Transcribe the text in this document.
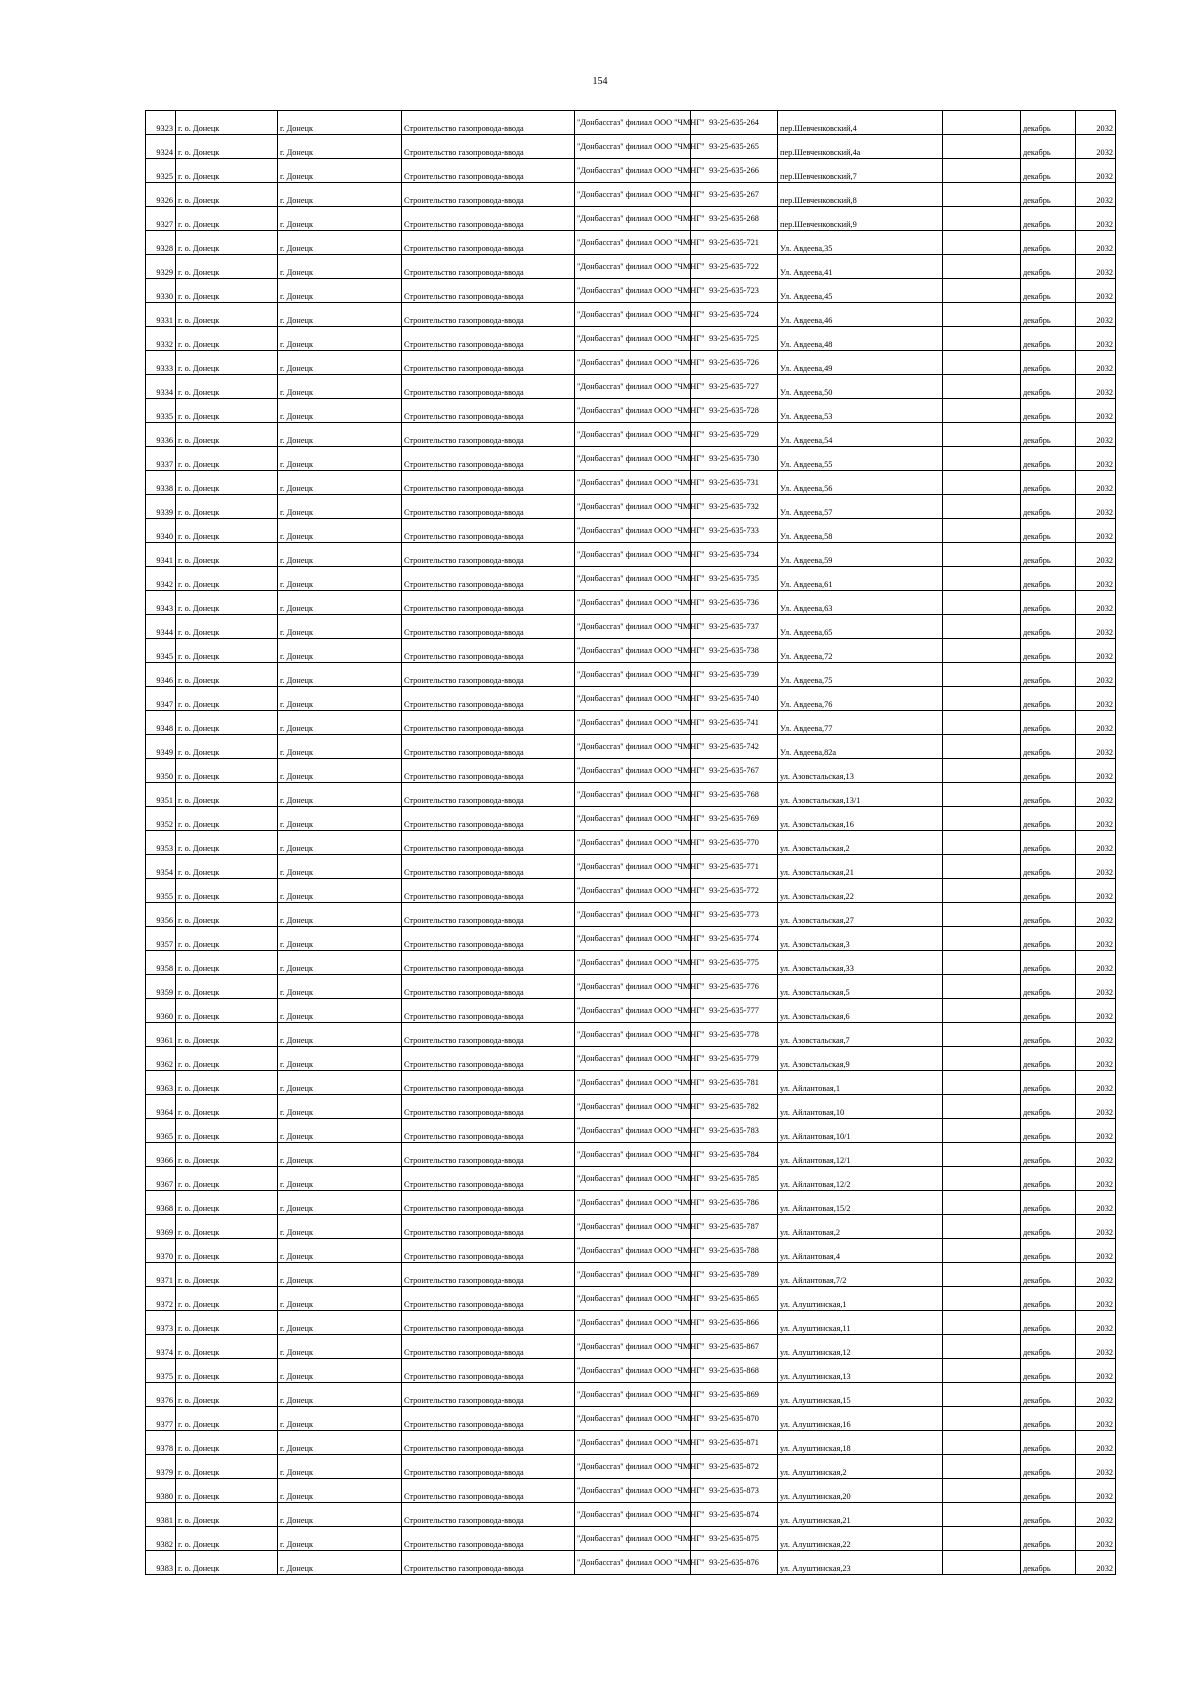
154
9323	г. о. Донецк	г. Донецк	Строительство газопровода-ввода	"Донбассгаз" филиал ООО "ЧМНГ"	93-25-635-264	пер.Шевченковский,4		декабрь	2032
9324	г. о. Донецк	г. Донецк	Строительство газопровода-ввода	"Донбассгаз" филиал ООО "ЧМНГ"	93-25-635-265	пер.Шевченковский,4а		декабрь	2032
9325	г. о. Донецк	г. Донецк	Строительство газопровода-ввода	"Донбассгаз" филиал ООО "ЧМНГ"	93-25-635-266	пер.Шевченковский,7		декабрь	2032
9326	г. о. Донецк	г. Донецк	Строительство газопровода-ввода	"Донбассгаз" филиал ООО "ЧМНГ"	93-25-635-267	пер.Шевченковский,8		декабрь	2032
9327	г. о. Донецк	г. Донецк	Строительство газопровода-ввода	"Донбассгаз" филиал ООО "ЧМНГ"	93-25-635-268	пер.Шевченковский,9		декабрь	2032
9328	г. о. Донецк	г. Донецк	Строительство газопровода-ввода	"Донбассгаз" филиал ООО "ЧМНГ"	93-25-635-721	Ул. Авдеева,35		декабрь	2032
9329	г. о. Донецк	г. Донецк	Строительство газопровода-ввода	"Донбассгаз" филиал ООО "ЧМНГ"	93-25-635-722	Ул. Авдеева,41		декабрь	2032
9330	г. о. Донецк	г. Донецк	Строительство газопровода-ввода	"Донбассгаз" филиал ООО "ЧМНГ"	93-25-635-723	Ул. Авдеева,45		декабрь	2032
9331	г. о. Донецк	г. Донецк	Строительство газопровода-ввода	"Донбассгаз" филиал ООО "ЧМНГ"	93-25-635-724	Ул. Авдеева,46		декабрь	2032
9332	г. о. Донецк	г. Донецк	Строительство газопровода-ввода	"Донбассгаз" филиал ООО "ЧМНГ"	93-25-635-725	Ул. Авдеева,48		декабрь	2032
9333	г. о. Донецк	г. Донецк	Строительство газопровода-ввода	"Донбассгаз" филиал ООО "ЧМНГ"	93-25-635-726	Ул. Авдеева,49		декабрь	2032
9334	г. о. Донецк	г. Донецк	Строительство газопровода-ввода	"Донбассгаз" филиал ООО "ЧМНГ"	93-25-635-727	Ул. Авдеева,50		декабрь	2032
9335	г. о. Донецк	г. Донецк	Строительство газопровода-ввода	"Донбассгаз" филиал ООО "ЧМНГ"	93-25-635-728	Ул. Авдеева,53		декабрь	2032
9336	г. о. Донецк	г. Донецк	Строительство газопровода-ввода	"Донбассгаз" филиал ООО "ЧМНГ"	93-25-635-729	Ул. Авдеева,54		декабрь	2032
9337	г. о. Донецк	г. Донецк	Строительство газопровода-ввода	"Донбассгаз" филиал ООО "ЧМНГ"	93-25-635-730	Ул. Авдеева,55		декабрь	2032
9338	г. о. Донецк	г. Донецк	Строительство газопровода-ввода	"Донбассгаз" филиал ООО "ЧМНГ"	93-25-635-731	Ул. Авдеева,56		декабрь	2032
9339	г. о. Донецк	г. Донецк	Строительство газопровода-ввода	"Донбассгаз" филиал ООО "ЧМНГ"	93-25-635-732	Ул. Авдеева,57		декабрь	2032
9340	г. о. Донецк	г. Донецк	Строительство газопровода-ввода	"Донбассгаз" филиал ООО "ЧМНГ"	93-25-635-733	Ул. Авдеева,58		декабрь	2032
9341	г. о. Донецк	г. Донецк	Строительство газопровода-ввода	"Донбассгаз" филиал ООО "ЧМНГ"	93-25-635-734	Ул. Авдеева,59		декабрь	2032
9342	г. о. Донецк	г. Донецк	Строительство газопровода-ввода	"Донбассгаз" филиал ООО "ЧМНГ"	93-25-635-735	Ул. Авдеева,61		декабрь	2032
9343	г. о. Донецк	г. Донецк	Строительство газопровода-ввода	"Донбассгаз" филиал ООО "ЧМНГ"	93-25-635-736	Ул. Авдеева,63		декабрь	2032
9344	г. о. Донецк	г. Донецк	Строительство газопровода-ввода	"Донбассгаз" филиал ООО "ЧМНГ"	93-25-635-737	Ул. Авдеева,65		декабрь	2032
9345	г. о. Донецк	г. Донецк	Строительство газопровода-ввода	"Донбассгаз" филиал ООО "ЧМНГ"	93-25-635-738	Ул. Авдеева,72		декабрь	2032
9346	г. о. Донецк	г. Донецк	Строительство газопровода-ввода	"Донбассгаз" филиал ООО "ЧМНГ"	93-25-635-739	Ул. Авдеева,75		декабрь	2032
9347	г. о. Донецк	г. Донецк	Строительство газопровода-ввода	"Донбассгаз" филиал ООО "ЧМНГ"	93-25-635-740	Ул. Авдеева,76		декабрь	2032
9348	г. о. Донецк	г. Донецк	Строительство газопровода-ввода	"Донбассгаз" филиал ООО "ЧМНГ"	93-25-635-741	Ул. Авдеева,77		декабрь	2032
9349	г. о. Донецк	г. Донецк	Строительство газопровода-ввода	"Донбассгаз" филиал ООО "ЧМНГ"	93-25-635-742	Ул. Авдеева,82а		декабрь	2032
9350	г. о. Донецк	г. Донецк	Строительство газопровода-ввода	"Донбассгаз" филиал ООО "ЧМНГ"	93-25-635-767	ул. Азовстальская,13		декабрь	2032
9351	г. о. Донецк	г. Донецк	Строительство газопровода-ввода	"Донбассгаз" филиал ООО "ЧМНГ"	93-25-635-768	ул. Азовстальская,13/1		декабрь	2032
9352	г. о. Донецк	г. Донецк	Строительство газопровода-ввода	"Донбассгаз" филиал ООО "ЧМНГ"	93-25-635-769	ул. Азовстальская,16		декабрь	2032
9353	г. о. Донецк	г. Донецк	Строительство газопровода-ввода	"Донбассгаз" филиал ООО "ЧМНГ"	93-25-635-770	ул. Азовстальская,2		декабрь	2032
9354	г. о. Донецк	г. Донецк	Строительство газопровода-ввода	"Донбассгаз" филиал ООО "ЧМНГ"	93-25-635-771	ул. Азовстальская,21		декабрь	2032
9355	г. о. Донецк	г. Донецк	Строительство газопровода-ввода	"Донбассгаз" филиал ООО "ЧМНГ"	93-25-635-772	ул. Азовстальская,22		декабрь	2032
9356	г. о. Донецк	г. Донецк	Строительство газопровода-ввода	"Донбассгаз" филиал ООО "ЧМНГ"	93-25-635-773	ул. Азовстальская,27		декабрь	2032
9357	г. о. Донецк	г. Донецк	Строительство газопровода-ввода	"Донбассгаз" филиал ООО "ЧМНГ"	93-25-635-774	ул. Азовстальская,3		декабрь	2032
9358	г. о. Донецк	г. Донецк	Строительство газопровода-ввода	"Донбассгаз" филиал ООО "ЧМНГ"	93-25-635-775	ул. Азовстальская,33		декабрь	2032
9359	г. о. Донецк	г. Донецк	Строительство газопровода-ввода	"Донбассгаз" филиал ООО "ЧМНГ"	93-25-635-776	ул. Азовстальская,5		декабрь	2032
9360	г. о. Донецк	г. Донецк	Строительство газопровода-ввода	"Донбассгаз" филиал ООО "ЧМНГ"	93-25-635-777	ул. Азовстальская,6		декабрь	2032
9361	г. о. Донецк	г. Донецк	Строительство газопровода-ввода	"Донбассгаз" филиал ООО "ЧМНГ"	93-25-635-778	ул. Азовстальская,7		декабрь	2032
9362	г. о. Донецк	г. Донецк	Строительство газопровода-ввода	"Донбассгаз" филиал ООО "ЧМНГ"	93-25-635-779	ул. Азовстальская,9		декабрь	2032
9363	г. о. Донецк	г. Донецк	Строительство газопровода-ввода	"Донбассгаз" филиал ООО "ЧМНГ"	93-25-635-781	ул. Айлантовая,1		декабрь	2032
9364	г. о. Донецк	г. Донецк	Строительство газопровода-ввода	"Донбассгаз" филиал ООО "ЧМНГ"	93-25-635-782	ул. Айлантовая,10		декабрь	2032
9365	г. о. Донецк	г. Донецк	Строительство газопровода-ввода	"Донбассгаз" филиал ООО "ЧМНГ"	93-25-635-783	ул. Айлантовая,10/1		декабрь	2032
9366	г. о. Донецк	г. Донецк	Строительство газопровода-ввода	"Донбассгаз" филиал ООО "ЧМНГ"	93-25-635-784	ул. Айлантовая,12/1		декабрь	2032
9367	г. о. Донецк	г. Донецк	Строительство газопровода-ввода	"Донбассгаз" филиал ООО "ЧМНГ"	93-25-635-785	ул. Айлантовая,12/2		декабрь	2032
9368	г. о. Донецк	г. Донецк	Строительство газопровода-ввода	"Донбассгаз" филиал ООО "ЧМНГ"	93-25-635-786	ул. Айлантовая,15/2		декабрь	2032
9369	г. о. Донецк	г. Донецк	Строительство газопровода-ввода	"Донбассгаз" филиал ООО "ЧМНГ"	93-25-635-787	ул. Айлантовая,2		декабрь	2032
9370	г. о. Донецк	г. Донецк	Строительство газопровода-ввода	"Донбассгаз" филиал ООО "ЧМНГ"	93-25-635-788	ул. Айлантовая,4		декабрь	2032
9371	г. о. Донецк	г. Донецк	Строительство газопровода-ввода	"Донбассгаз" филиал ООО "ЧМНГ"	93-25-635-789	ул. Айлантовая,7/2		декабрь	2032
9372	г. о. Донецк	г. Донецк	Строительство газопровода-ввода	"Донбассгаз" филиал ООО "ЧМНГ"	93-25-635-865	ул. Алуштинская,1		декабрь	2032
9373	г. о. Донецк	г. Донецк	Строительство газопровода-ввода	"Донбассгаз" филиал ООО "ЧМНГ"	93-25-635-866	ул. Алуштинская,11		декабрь	2032
9374	г. о. Донецк	г. Донецк	Строительство газопровода-ввода	"Донбассгаз" филиал ООО "ЧМНГ"	93-25-635-867	ул. Алуштинская,12		декабрь	2032
9375	г. о. Донецк	г. Донецк	Строительство газопровода-ввода	"Донбассгаз" филиал ООО "ЧМНГ"	93-25-635-868	ул. Алуштинская,13		декабрь	2032
9376	г. о. Донецк	г. Донецк	Строительство газопровода-ввода	"Донбассгаз" филиал ООО "ЧМНГ"	93-25-635-869	ул. Алуштинская,15		декабрь	2032
9377	г. о. Донецк	г. Донецк	Строительство газопровода-ввода	"Донбассгаз" филиал ООО "ЧМНГ"	93-25-635-870	ул. Алуштинская,16		декабрь	2032
9378	г. о. Донецк	г. Донецк	Строительство газопровода-ввода	"Донбассгаз" филиал ООО "ЧМНГ"	93-25-635-871	ул. Алуштинская,18		декабрь	2032
9379	г. о. Донецк	г. Донецк	Строительство газопровода-ввода	"Донбассгаз" филиал ООО "ЧМНГ"	93-25-635-872	ул. Алуштинская,2		декабрь	2032
9380	г. о. Донецк	г. Донецк	Строительство газопровода-ввода	"Донбассгаз" филиал ООО "ЧМНГ"	93-25-635-873	ул. Алуштинская,20		декабрь	2032
9381	г. о. Донецк	г. Донецк	Строительство газопровода-ввода	"Донбассгаз" филиал ООО "ЧМНГ"	93-25-635-874	ул. Алуштинская,21		декабрь	2032
9382	г. о. Донецк	г. Донецк	Строительство газопровода-ввода	"Донбассгаз" филиал ООО "ЧМНГ"	93-25-635-875	ул. Алуштинская,22		декабрь	2032
9383	г. о. Донецк	г. Донецк	Строительство газопровода-ввода	"Донбассгаз" филиал ООО "ЧМНГ"	93-25-635-876	ул. Алуштинская,23		декабрь	2032
